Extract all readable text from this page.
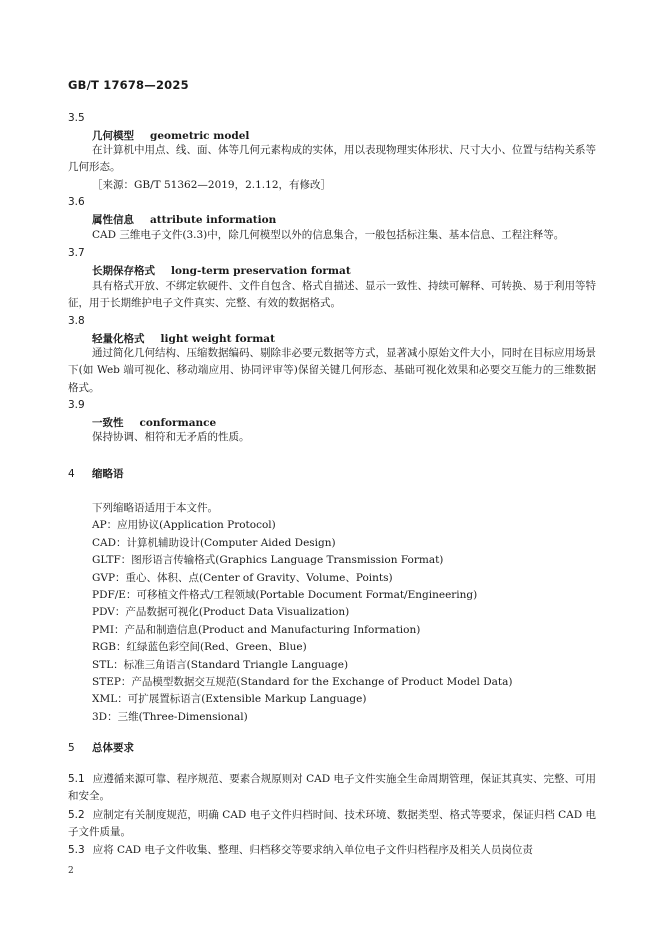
GB/T 17678—2025
3.5
几何模型 geometric model
在计算机中用点、线、面、体等几何元素构成的实体，用以表现物理实体形状、尺寸大小、位置与结构关系等几何形态。
［来源：GB/T 51362—2019，2.1.12，有修改］
3.6
属性信息 attribute information
CAD 三维电子文件(3.3)中，除几何模型以外的信息集合，一般包括标注集、基本信息、工程注释等。
3.7
长期保存格式 long-term preservation format
具有格式开放、不绑定软硬件、文件自包含、格式自描述、显示一致性、持续可解释、可转换、易于利用等特征，用于长期维护电子文件真实、完整、有效的数据格式。
3.8
轻量化格式 light weight format
通过简化几何结构、压缩数据编码、剔除非必要元数据等方式，显著减小原始文件大小，同时在目标应用场景下(如 Web 端可视化、移动端应用、协同评审等)保留关键几何形态、基础可视化效果和必要交互能力的三维数据格式。
3.9
一致性 conformance
保持协调、相符和无矛盾的性质。
4 缩略语
下列缩略语适用于本文件。
AP：应用协议(Application Protocol)
CAD：计算机辅助设计(Computer Aided Design)
GLTF：图形语言传输格式(Graphics Language Transmission Format)
GVP：重心、体积、点(Center of Gravity、Volume、Points)
PDF/E：可移植文件格式/工程领域(Portable Document Format/Engineering)
PDV：产品数据可视化(Product Data Visualization)
PMI：产品和制造信息(Product and Manufacturing Information)
RGB：红绿蓝色彩空间(Red、Green、Blue)
STL：标准三角语言(Standard Triangle Language)
STEP：产品模型数据交互规范(Standard for the Exchange of Product Model Data)
XML：可扩展置标语言(Extensible Markup Language)
3D：三维(Three-Dimensional)
5 总体要求
5.1 应遵循来源可靠、程序规范、要素合规原则对 CAD 电子文件实施全生命周期管理，保证其真实、完整、可用和安全。
5.2 应制定有关制度规范，明确 CAD 电子文件归档时间、技术环境、数据类型、格式等要求，保证归档 CAD 电子文件质量。
5.3 应将 CAD 电子文件收集、整理、归档移交等要求纳入单位电子文件归档程序及相关人员岗位责
2
